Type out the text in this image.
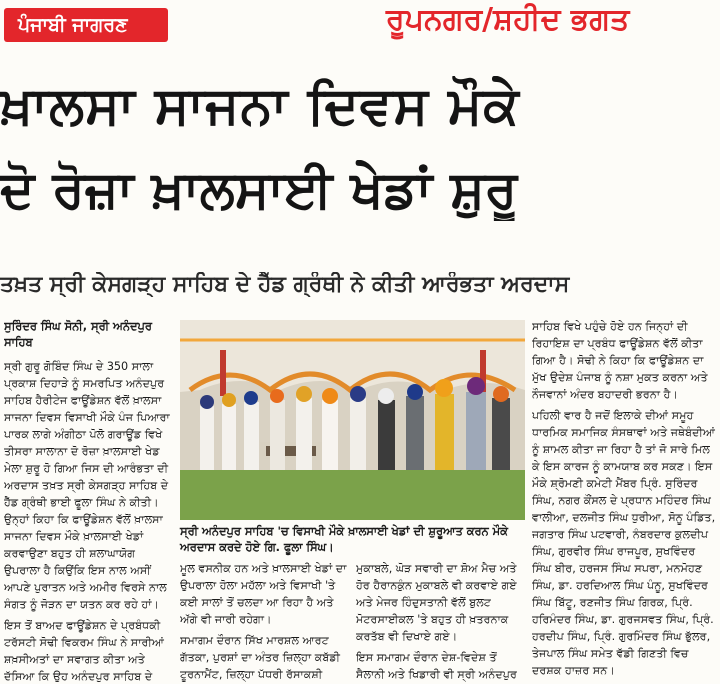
ਪੰਜਾਬੀ ਜਾਗਰਣ	ਰੂਪਨਗਰ/ਸ਼ਹੀਦ ਭਗਤ
ਖ਼ਾਲਸਾ ਸਾਜਨਾ ਦਿਵਸ ਮੌਕੇ
ਦੋ ਰੋਜ਼ਾ ਖ਼ਾਲਸਾਈ ਖੇਡਾਂ ਸ਼ੁਰੂ
ਤਖ਼ਤ ਸ੍ਰੀ ਕੇਸਗੜ੍ਹ ਸਾਹਿਬ ਦੇ ਹੈੱਡ ਗ੍ਰੰਥੀ ਨੇ ਕੀਤੀ ਆਰੰਭਤਾ ਅਰਦਾਸ
ਸੁਰਿੰਦਰ ਸਿੰਘ ਸੋਨੀ, ਸ੍ਰੀ ਅਨੰਦਪੁਰ ਸਾਹਿਬ

ਸ੍ਰੀ ਗੁਰੂ ਗੋਬਿੰਦ ਸਿੰਘ ਦੇ 350 ਸਾਲਾ ਪ੍ਰਕਾਸ਼ ਦਿਹਾੜੇ ਨੂੰ ਸਮਰਪਿਤ ਅਨੰਦਪੁਰ ਸਾਹਿਬ ਹੈਰੀਟੇਜ ਫਾਊਂਡੇਸ਼ਨ ਵੱਲੋਂ ਖ਼ਾਲਸਾ ਸਾਜਨਾ ਦਿਵਸ ਵਿਸਾਖੀ ਮੌਕੇ ਪੰਜ ਪਿਆਰਾ ਪਾਰਕ ਲਾਗੇ ਅੰਗੀਠਾ ਪੋਲੋ ਗਰਾਊਂਡ ਵਿਖੇ ਤੀਸਰਾ ਸਾਲਾਨਾ ਦੋ ਰੋਜ਼ਾ ਖ਼ਾਲਸਾਈ ਖੇਡ ਮੇਲਾ ਸ਼ੁਰੂ ਹੋ ਗਿਆ ਜਿਸ ਦੀ ਆਰੰਭਤਾ ਦੀ ਅਰਦਾਸ ਤਖ਼ਤ ਸ੍ਰੀ ਕੇਸਗੜ੍ਹ ਸਾਹਿਬ ਦੇ ਹੈੱਡ ਗ੍ਰੰਥੀ ਭਾਈ ਫੂਲਾ ਸਿੰਘ ਨੇ ਕੀਤੀ। ਉਨ੍ਹਾਂ ਕਿਹਾ ਕਿ ਫਾਊਂਡੇਸ਼ਨ ਵੱਲੋਂ ਖ਼ਾਲਸਾ ਸਾਜਨਾ ਦਿਵਸ ਮੌਕੇ ਖ਼ਾਲਸਾਈ ਖੇਡਾਂ ਕਰਵਾਉਣਾ ਬਹੁਤ ਹੀ ਸ਼ਲਾਘਾਯੋਗ ਉਪਰਾਲਾ ਹੈ ਕਿਉਂਕਿ ਇਸ ਨਾਲ ਅਸੀਂ ਆਪਣੇ ਪੁਰਾਤਨ ਅਤੇ ਅਮੀਰ ਵਿਰਸੇ ਨਾਲ ਸੰਗਤ ਨੂੰ ਜੋੜਨ ਦਾ ਯਤਨ ਕਰ ਰਹੇ ਹਾਂ।

ਇਸ ਤੋਂ ਬਾਅਦ ਫਾਊਂਡੇਸ਼ਨ ਦੇ ਪ੍ਰਬੰਧਕੀ ਟਰੱਸਟੀ ਸੋਢੀ ਵਿਕਰਮ ਸਿੰਘ ਨੇ ਸਾਰੀਆਂ ਸ਼ਖ਼ਸੀਅਤਾਂ ਦਾ ਸਵਾਗਤ ਕੀਤਾ ਅਤੇ ਦੱਸਿਆ ਕਿ ਉਹ ਅਨੰਦਪੁਰ ਸਾਹਿਬ ਦੇ

ਸ੍ਰੀ ਅਨੰਦਪੁਰ ਸਾਹਿਬ 'ਚ ਵਿਸਾਖੀ ਮੌਕੇ ਖ਼ਾਲਸਾਈ ਖੇਡਾਂ ਦੀ ਸ਼ੁਰੂਆਤ ਕਰਨ ਮੌਕੇ ਅਰਦਾਸ ਕਰਦੇ ਹੋਏ ਗਿ. ਫੂਲਾ ਸਿੰਘ।

ਮੂਲ ਵਸਨੀਕ ਹਨ ਅਤੇ ਖ਼ਾਲਸਾਈ ਖੇਡਾਂ ਦਾ ਉਪਰਾਲਾ ਹੋਲਾ ਮਹੱਲਾ ਅਤੇ ਵਿਸਾਖੀ 'ਤੇ ਕਈ ਸਾਲਾਂ ਤੋਂ ਚਲਦਾ ਆ ਰਿਹਾ ਹੈ ਅਤੇ ਅੱਗੇ ਵੀ ਜਾਰੀ ਰਹੇਗਾ।

ਸਮਾਗਮ ਦੌਰਾਨ ਸਿੱਖ ਮਾਰਸ਼ਲ ਆਰਟ ਗੱਤਕਾ, ਪੁਰਸ਼ਾਂ ਦਾ ਅੰਤਰ ਜ਼ਿਲ੍ਹਾ ਕਬੱਡੀ ਟੂਰਨਾਮੈਂਟ, ਜ਼ਿਲ੍ਹਾ ਪੱਧਰੀ ਰੱਸਾਕਸ਼ੀ

ਮੁਕਾਬਲੇ, ਘੋੜ ਸਵਾਰੀ ਦਾ ਸ਼ੋਅ ਮੈਚ ਅਤੇ ਹੋਰ ਹੈਰਾਨਕੁੰਨ ਮੁਕਾਬਲੇ ਵੀ ਕਰਵਾਏ ਗਏ ਅਤੇ ਮੇਜਰ ਹਿੰਦੁਸਤਾਨੀ ਵੱਲੋਂ ਬੁਲਟ ਮੋਟਰਸਾਈਕਲ 'ਤੇ ਬਹੁਤ ਹੀ ਖ਼ਤਰਨਾਕ ਕਰਤੱਬ ਵੀ ਦਿਖਾਏ ਗਏ।

ਇਸ ਸਮਾਗਮ ਦੌਰਾਨ ਦੇਸ਼-ਵਿਦੇਸ਼ ਤੋਂ ਸੈਲਾਨੀ ਅਤੇ ਖਿਡਾਰੀ ਵੀ ਸ੍ਰੀ ਅਨੰਦਪੁਰ

ਸਾਹਿਬ ਵਿਖੇ ਪਹੁੰਚੇ ਹੋਏ ਹਨ ਜਿਨ੍ਹਾਂ ਦੀ ਰਿਹਾਇਸ਼ ਦਾ ਪ੍ਰਬੰਧ ਫਾਊਂਡੇਸ਼ਨ ਵੱਲੋਂ ਕੀਤਾ ਗਿਆ ਹੈ। ਸੋਢੀ ਨੇ ਕਿਹਾ ਕਿ ਫਾਊਂਡੇਸ਼ਨ ਦਾ ਮੁੱਖ ਉਦੇਸ਼ ਪੰਜਾਬ ਨੂੰ ਨਸ਼ਾ ਮੁਕਤ ਕਰਨਾ ਅਤੇ ਨੌਜਵਾਨਾਂ ਅੰਦਰ ਬਹਾਦਰੀ ਭਰਨਾ ਹੈ।

ਪਹਿਲੀ ਵਾਰ ਹੈ ਜਦੋਂ ਇਲਾਕੇ ਦੀਆਂ ਸਮੂਹ ਧਾਰਮਿਕ ਸਮਾਜਿਕ ਸੰਸਥਾਵਾਂ ਅਤੇ ਜਥੇਬੰਦੀਆਂ ਨੂੰ ਸ਼ਾਮਲ ਕੀਤਾ ਜਾ ਰਿਹਾ ਹੈ ਤਾਂ ਜੋ ਸਾਰੇ ਮਿਲ ਕੇ ਇਸ ਕਾਰਜ ਨੂੰ ਕਾਮਯਾਬ ਕਰ ਸਕਣ। ਇਸ ਮੌਕੇ ਸ਼੍ਰੋਮਣੀ ਕਮੇਟੀ ਮੈਂਬਰ ਪ੍ਰਿੰ. ਸੁਰਿੰਦਰ ਸਿੰਘ, ਨਗਰ ਕੌਂਸਲ ਦੇ ਪ੍ਰਧਾਨ ਮਹਿੰਦਰ ਸਿੰਘ ਵਾਲੀਆ, ਦਲਜੀਤ ਸਿੰਘ ਧੁਰੀਆ, ਸੋਨੂ ਪੰਡਿਤ, ਜਗਤਾਰ ਸਿੰਘ ਪਟਵਾਰੀ, ਨੰਬਰਦਾਰ ਕੁਲਦੀਪ ਸਿੰਘ, ਗੁਰਵੀਰ ਸਿੰਘ ਰਾਜਪੂਰ, ਸੁਖਵਿੰਦਰ ਸਿੰਘ ਬੀਰ, ਹਰਜਸ ਸਿੰਘ ਸਪਰਾ, ਮਨਮੋਹਣ ਸਿੰਘ, ਡਾ. ਹਰਦਿਆਲ ਸਿੰਘ ਪੰਨੂ, ਸੁਖਵਿੰਦਰ ਸਿੰਘ ਬਿੱਟੂ, ਰਣਜੀਤ ਸਿੰਘ ਗਿਰਕ, ਪ੍ਰਿੰ. ਹਰਿਮੰਦਰ ਸਿੰਘ, ਡਾ. ਗੁਰਜਸਵਤ ਸਿੰਘ, ਪ੍ਰਿੰ. ਹਰਦੀਪ ਸਿੰਘ, ਪ੍ਰਿੰ. ਗੁਰਮਿੰਦਰ ਸਿੰਘ ਭੁੱਲਰ, ਤੇਜਪਾਲ ਸਿੰਘ ਸਮੇਤ ਵੱਡੀ ਗਿਣਤੀ ਵਿਚ ਦਰਸ਼ਕ ਹਾਜ਼ਰ ਸਨ।
